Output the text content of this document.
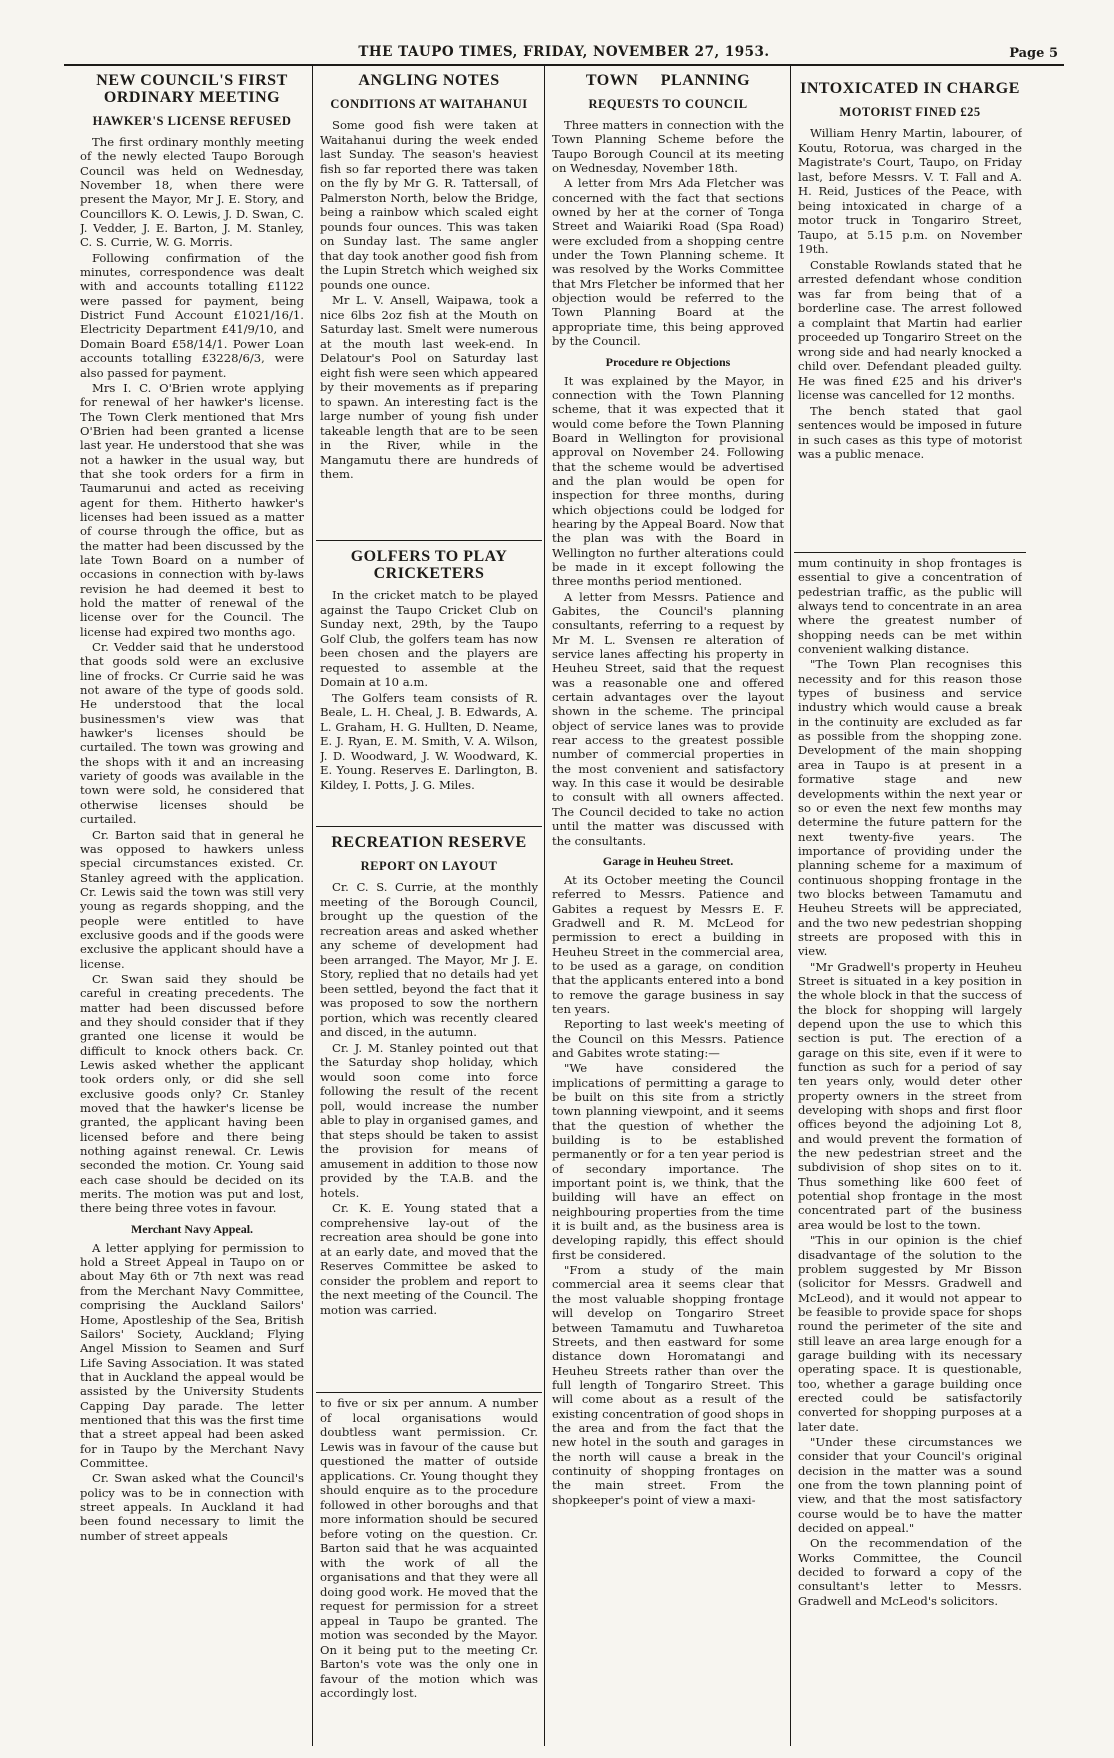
THE TAUPO TIMES, FRIDAY, NOVEMBER 27, 1953.	Page 5
NEW COUNCIL'S FIRST ORDINARY MEETING
HAWKER'S LICENSE REFUSED

The first ordinary monthly meeting of the newly elected Taupo Borough Council was held on Wednesday, November 18, when there were present the Mayor, Mr J. E. Story, and Councillors K. O. Lewis, J. D. Swan, C. J. Vedder, J. E. Barton, J. M. Stanley, C. S. Currie, W. G. Morris.

Following confirmation of the minutes, correspondence was dealt with and accounts totalling £1122 were passed for payment, being District Fund Account £1021/16/1. Electricity Department £41/9/10, and Domain Board £58/14/1. Power Loan accounts totalling £3228/6/3, were also passed for payment.

Mrs I. C. O'Brien wrote applying for renewal of her hawker's license. The Town Clerk mentioned that Mrs O'Brien had been granted a license last year. He understood that she was not a hawker in the usual way, but that she took orders for a firm in Taumarunui and acted as receiving agent for them. Hitherto hawker's licenses had been issued as a matter of course through the office, but as the matter had been discussed by the late Town Board on a number of occasions in connection with by-laws revision he had deemed it best to hold the matter of renewal of the license over for the Council. The license had expired two months ago.

Cr. Vedder said that he understood that goods sold were an exclusive line of frocks. Cr Currie said he was not aware of the type of goods sold. He understood that the local businessmen's view was that hawker's licenses should be curtailed. The town was growing and the shops with it and an increasing variety of goods was available in the town were sold, he considered that otherwise licenses should be curtailed.

Cr. Barton said that in general he was opposed to hawkers unless special circumstances existed. Cr. Stanley agreed with the application. Cr. Lewis said the town was still very young as regards shopping, and the people were entitled to have exclusive goods and if the goods were exclusive the applicant should have a license.

Cr. Swan said they should be careful in creating precedents. The matter had been discussed before and they should consider that if they granted one license it would be difficult to knock others back. Cr. Lewis asked whether the applicant took orders only, or did she sell exclusive goods only? Cr. Stanley moved that the hawker's license be granted, the applicant having been licensed before and there being nothing against renewal. Cr. Lewis seconded the motion. Cr. Young said each case should be decided on its merits. The motion was put and lost, there being three votes in favour.

Merchant Navy Appeal.

A letter applying for permission to hold a Street Appeal in Taupo on or about May 6th or 7th next was read from the Merchant Navy Committee, comprising the Auckland Sailors' Home, Apostleship of the Sea, British Sailors' Society, Auckland; Flying Angel Mission to Seamen and Surf Life Saving Association. It was stated that in Auckland the appeal would be assisted by the University Students Capping Day parade. The letter mentioned that this was the first time that a street appeal had been asked for in Taupo by the Merchant Navy Committee.

Cr. Swan asked what the Council's policy was to be in connection with street appeals. In Auckland it had been found necessary to limit the number of street appeals

ANGLING NOTES
CONDITIONS AT WAITAHANUI

Some good fish were taken at Waitahanui during the week ended last Sunday. The season's heaviest fish so far reported there was taken on the fly by Mr G. R. Tattersall, of Palmerston North, below the Bridge, being a rainbow which scaled eight pounds four ounces. This was taken on Sunday last. The same angler that day took another good fish from the Lupin Stretch which weighed six pounds one ounce.

Mr L. V. Ansell, Waipawa, took a nice 6lbs 2oz fish at the Mouth on Saturday last. Smelt were numerous at the mouth last week-end. In Delatour's Pool on Saturday last eight fish were seen which appeared by their movements as if preparing to spawn. An interesting fact is the large number of young fish under takeable length that are to be seen in the River, while in the Mangamutu there are hundreds of them.

GOLFERS TO PLAY CRICKETERS

In the cricket match to be played against the Taupo Cricket Club on Sunday next, 29th, by the Taupo Golf Club, the golfers team has now been chosen and the players are requested to assemble at the Domain at 10 a.m.

The Golfers team consists of R. Beale, L. H. Cheal, J. B. Edwards, A. L. Graham, H. G. Hullten, D. Neame, E. J. Ryan, E. M. Smith, V. A. Wilson, J. D. Woodward, J. W. Woodward, K. E. Young. Reserves E. Darlington, B. Kildey, I. Potts, J. G. Miles.

RECREATION RESERVE
REPORT ON LAYOUT

Cr. C. S. Currie, at the monthly meeting of the Borough Council, brought up the question of the recreation areas and asked whether any scheme of development had been arranged. The Mayor, Mr J. E. Story, replied that no details had yet been settled, beyond the fact that it was proposed to sow the northern portion, which was recently cleared and disced, in the autumn.

Cr. J. M. Stanley pointed out that the Saturday shop holiday, which would soon come into force following the result of the recent poll, would increase the number able to play in organised games, and that steps should be taken to assist the provision for means of amusement in addition to those now provided by the T.A.B. and the hotels.

Cr. K. E. Young stated that a comprehensive lay-out of the recreation area should be gone into at an early date, and moved that the Reserves Committee be asked to consider the problem and report to the next meeting of the Council. The motion was carried.

to five or six per annum. A number of local organisations would doubtless want permission. Cr. Lewis was in favour of the cause but questioned the matter of outside applications. Cr. Young thought they should enquire as to the procedure followed in other boroughs and that more information should be secured before voting on the question. Cr. Barton said that he was acquainted with the work of all the organisations and that they were all doing good work. He moved that the request for permission for a street appeal in Taupo be granted. The motion was seconded by the Mayor. On it being put to the meeting Cr. Barton's vote was the only one in favour of the motion which was accordingly lost.

TOWN PLANNING
REQUESTS TO COUNCIL

Three matters in connection with the Town Planning Scheme before the Taupo Borough Council at its meeting on Wednesday, November 18th.

A letter from Mrs Ada Fletcher was concerned with the fact that sections owned by her at the corner of Tonga Street and Waiariki Road (Spa Road) were excluded from a shopping centre under the Town Planning scheme. It was resolved by the Works Committee that Mrs Fletcher be informed that her objection would be referred to the Town Planning Board at the appropriate time, this being approved by the Council.

Procedure re Objections

It was explained by the Mayor, in connection with the Town Planning scheme, that it was expected that it would come before the Town Planning Board in Wellington for provisional approval on November 24. Following that the scheme would be advertised and the plan would be open for inspection for three months, during which objections could be lodged for hearing by the Appeal Board. Now that the plan was with the Board in Wellington no further alterations could be made in it except following the three months period mentioned.

A letter from Messrs. Patience and Gabites, the Council's planning consultants, referring to a request by Mr M. L. Svensen re alteration of service lanes affecting his property in Heuheu Street, said that the request was a reasonable one and offered certain advantages over the layout shown in the scheme. The principal object of service lanes was to provide rear access to the greatest possible number of commercial properties in the most convenient and satisfactory way. In this case it would be desirable to consult with all owners affected. The Council decided to take no action until the matter was discussed with the consultants.

Garage in Heuheu Street.

At its October meeting the Council referred to Messrs. Patience and Gabites a request by Messrs E. F. Gradwell and R. M. McLeod for permission to erect a building in Heuheu Street in the commercial area, to be used as a garage, on condition that the applicants entered into a bond to remove the garage business in say ten years.

Reporting to last week's meeting of the Council on this Messrs. Patience and Gabites wrote stating:—

"We have considered the implications of permitting a garage to be built on this site from a strictly town planning viewpoint, and it seems that the question of whether the building is to be established permanently or for a ten year period is of secondary importance. The important point is, we think, that the building will have an effect on neighbouring properties from the time it is built and, as the business area is developing rapidly, this effect should first be considered.

"From a study of the main commercial area it seems clear that the most valuable shopping frontage will develop on Tongariro Street between Tamamutu and Tuwharetoa Streets, and then eastward for some distance down Horomatangi and Heuheu Streets rather than over the full length of Tongariro Street. This will come about as a result of the existing concentration of good shops in the area and from the fact that the new hotel in the south and garages in the north will cause a break in the continuity of shopping frontages on the main street. From the shopkeeper's point of view a maxi-

INTOXICATED IN CHARGE
MOTORIST FINED £25

William Henry Martin, labourer, of Koutu, Rotorua, was charged in the Magistrate's Court, Taupo, on Friday last, before Messrs. V. T. Fall and A. H. Reid, Justices of the Peace, with being intoxicated in charge of a motor truck in Tongariro Street, Taupo, at 5.15 p.m. on November 19th.

Constable Rowlands stated that he arrested defendant whose condition was far from being that of a borderline case. The arrest followed a complaint that Martin had earlier proceeded up Tongariro Street on the wrong side and had nearly knocked a child over. Defendant pleaded guilty. He was fined £25 and his driver's license was cancelled for 12 months.

The bench stated that gaol sentences would be imposed in future in such cases as this type of motorist was a public menace.

mum continuity in shop frontages is essential to give a concentration of pedestrian traffic, as the public will always tend to concentrate in an area where the greatest number of shopping needs can be met within convenient walking distance.

"The Town Plan recognises this necessity and for this reason those types of business and service industry which would cause a break in the continuity are excluded as far as possible from the shopping zone. Development of the main shopping area in Taupo is at present in a formative stage and new developments within the next year or so or even the next few months may determine the future pattern for the next twenty-five years. The importance of providing under the planning scheme for a maximum of continuous shopping frontage in the two blocks between Tamamutu and Heuheu Streets will be appreciated, and the two new pedestrian shopping streets are proposed with this in view.

"Mr Gradwell's property in Heuheu Street is situated in a key position in the whole block in that the success of the block for shopping will largely depend upon the use to which this section is put. The erection of a garage on this site, even if it were to function as such for a period of say ten years only, would deter other property owners in the street from developing with shops and first floor offices beyond the adjoining Lot 8, and would prevent the formation of the new pedestrian street and the subdivision of shop sites on to it. Thus something like 600 feet of potential shop frontage in the most concentrated part of the business area would be lost to the town.

"This in our opinion is the chief disadvantage of the solution to the problem suggested by Mr Bisson (solicitor for Messrs. Gradwell and McLeod), and it would not appear to be feasible to provide space for shops round the perimeter of the site and still leave an area large enough for a garage building with its necessary operating space. It is questionable, too, whether a garage building once erected could be satisfactorily converted for shopping purposes at a later date.

"Under these circumstances we consider that your Council's original decision in the matter was a sound one from the town planning point of view, and that the most satisfactory course would be to have the matter decided on appeal."

On the recommendation of the Works Committee, the Council decided to forward a copy of the consultant's letter to Messrs. Gradwell and McLeod's solicitors.
